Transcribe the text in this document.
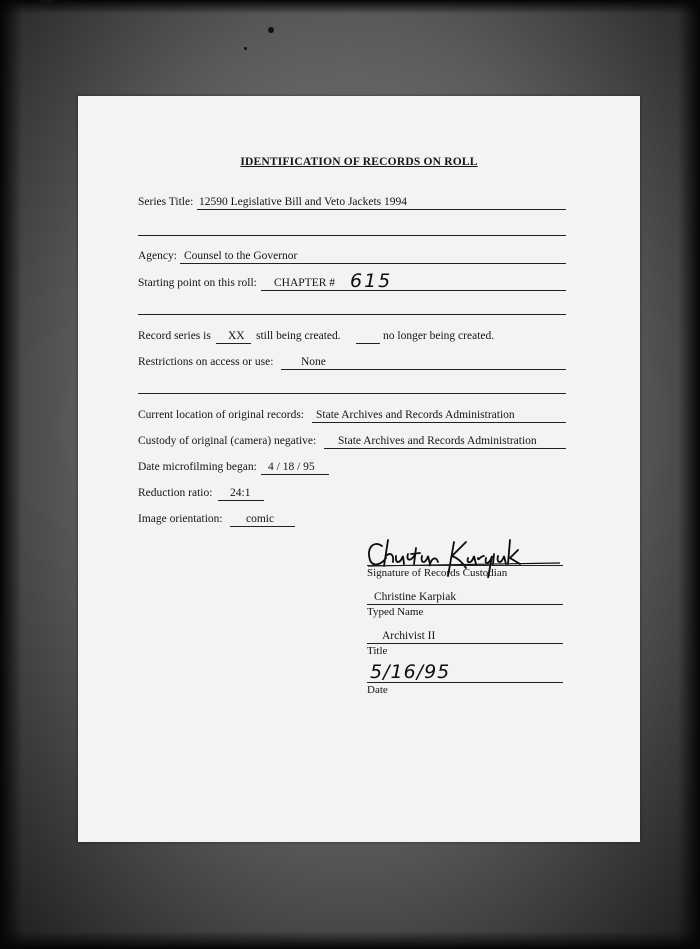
IDENTIFICATION OF RECORDS ON ROLL
Series Title: 12590 Legislative Bill and Veto Jackets 1994
Agency: Counsel to the Governor
Starting point on this roll: CHAPTER # 615
Record series is XX still being created.	no longer being created.
Restrictions on access or use: None
Current location of original records: State Archives and Records Administration
Custody of original (camera) negative: State Archives and Records Administration
Date microfilming began: 4 / 18 / 95
Reduction ratio: 24:1
Image orientation: comic
Signature of Records Custodian
Christine Karpiak
Typed Name
Archivist II
Title
5/16/95
Date
